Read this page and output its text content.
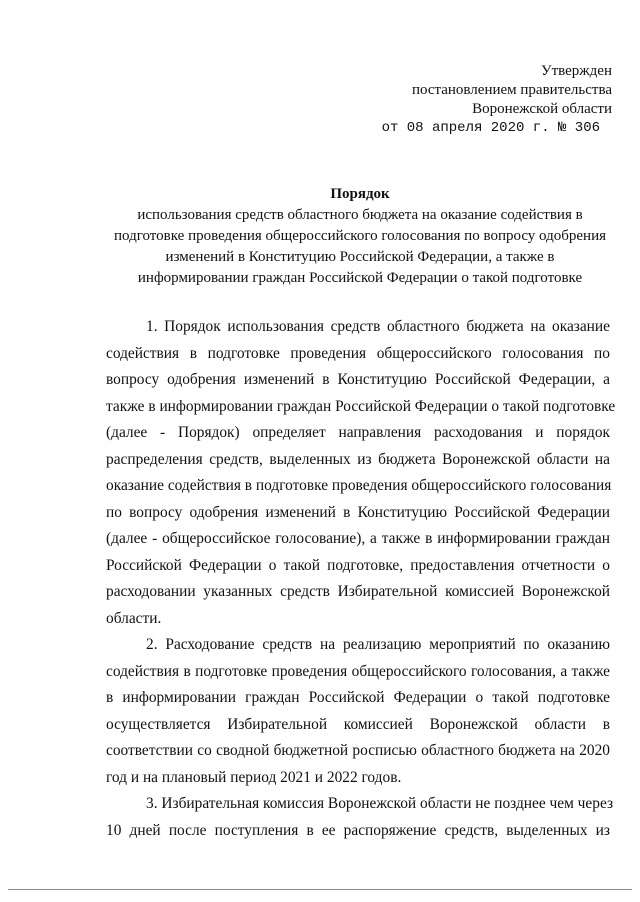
Утвержден
постановлением правительства
Воронежской области
от 08 апреля 2020 г. № 306
Порядок
использования средств областного бюджета на оказание содействия в
подготовке проведения общероссийского голосования по вопросу одобрения
изменений в Конституцию Российской Федерации, а также в
информировании граждан Российской Федерации о такой подготовке
1. Порядок использования средств областного бюджета на оказание
содействия в подготовке проведения общероссийского голосования по
вопросу одобрения изменений в Конституцию Российской Федерации, а
также в информировании граждан Российской Федерации о такой подготовке
(далее - Порядок) определяет направления расходования и порядок
распределения средств, выделенных из бюджета Воронежской области на
оказание содействия в подготовке проведения общероссийского голосования
по вопросу одобрения изменений в Конституцию Российской Федерации
(далее - общероссийское голосование), а также в информировании граждан
Российской Федерации о такой подготовке, предоставления отчетности о
расходовании указанных средств Избирательной комиссией Воронежской
области.
2. Расходование средств на реализацию мероприятий по оказанию
содействия в подготовке проведения общероссийского голосования, а также
в информировании граждан Российской Федерации о такой подготовке
осуществляется Избирательной комиссией Воронежской области в
соответствии со сводной бюджетной росписью областного бюджета на 2020
год и на плановый период 2021 и 2022 годов.
3. Избирательная комиссия Воронежской области не позднее чем через
10 дней после поступления в ее распоряжение средств, выделенных из
